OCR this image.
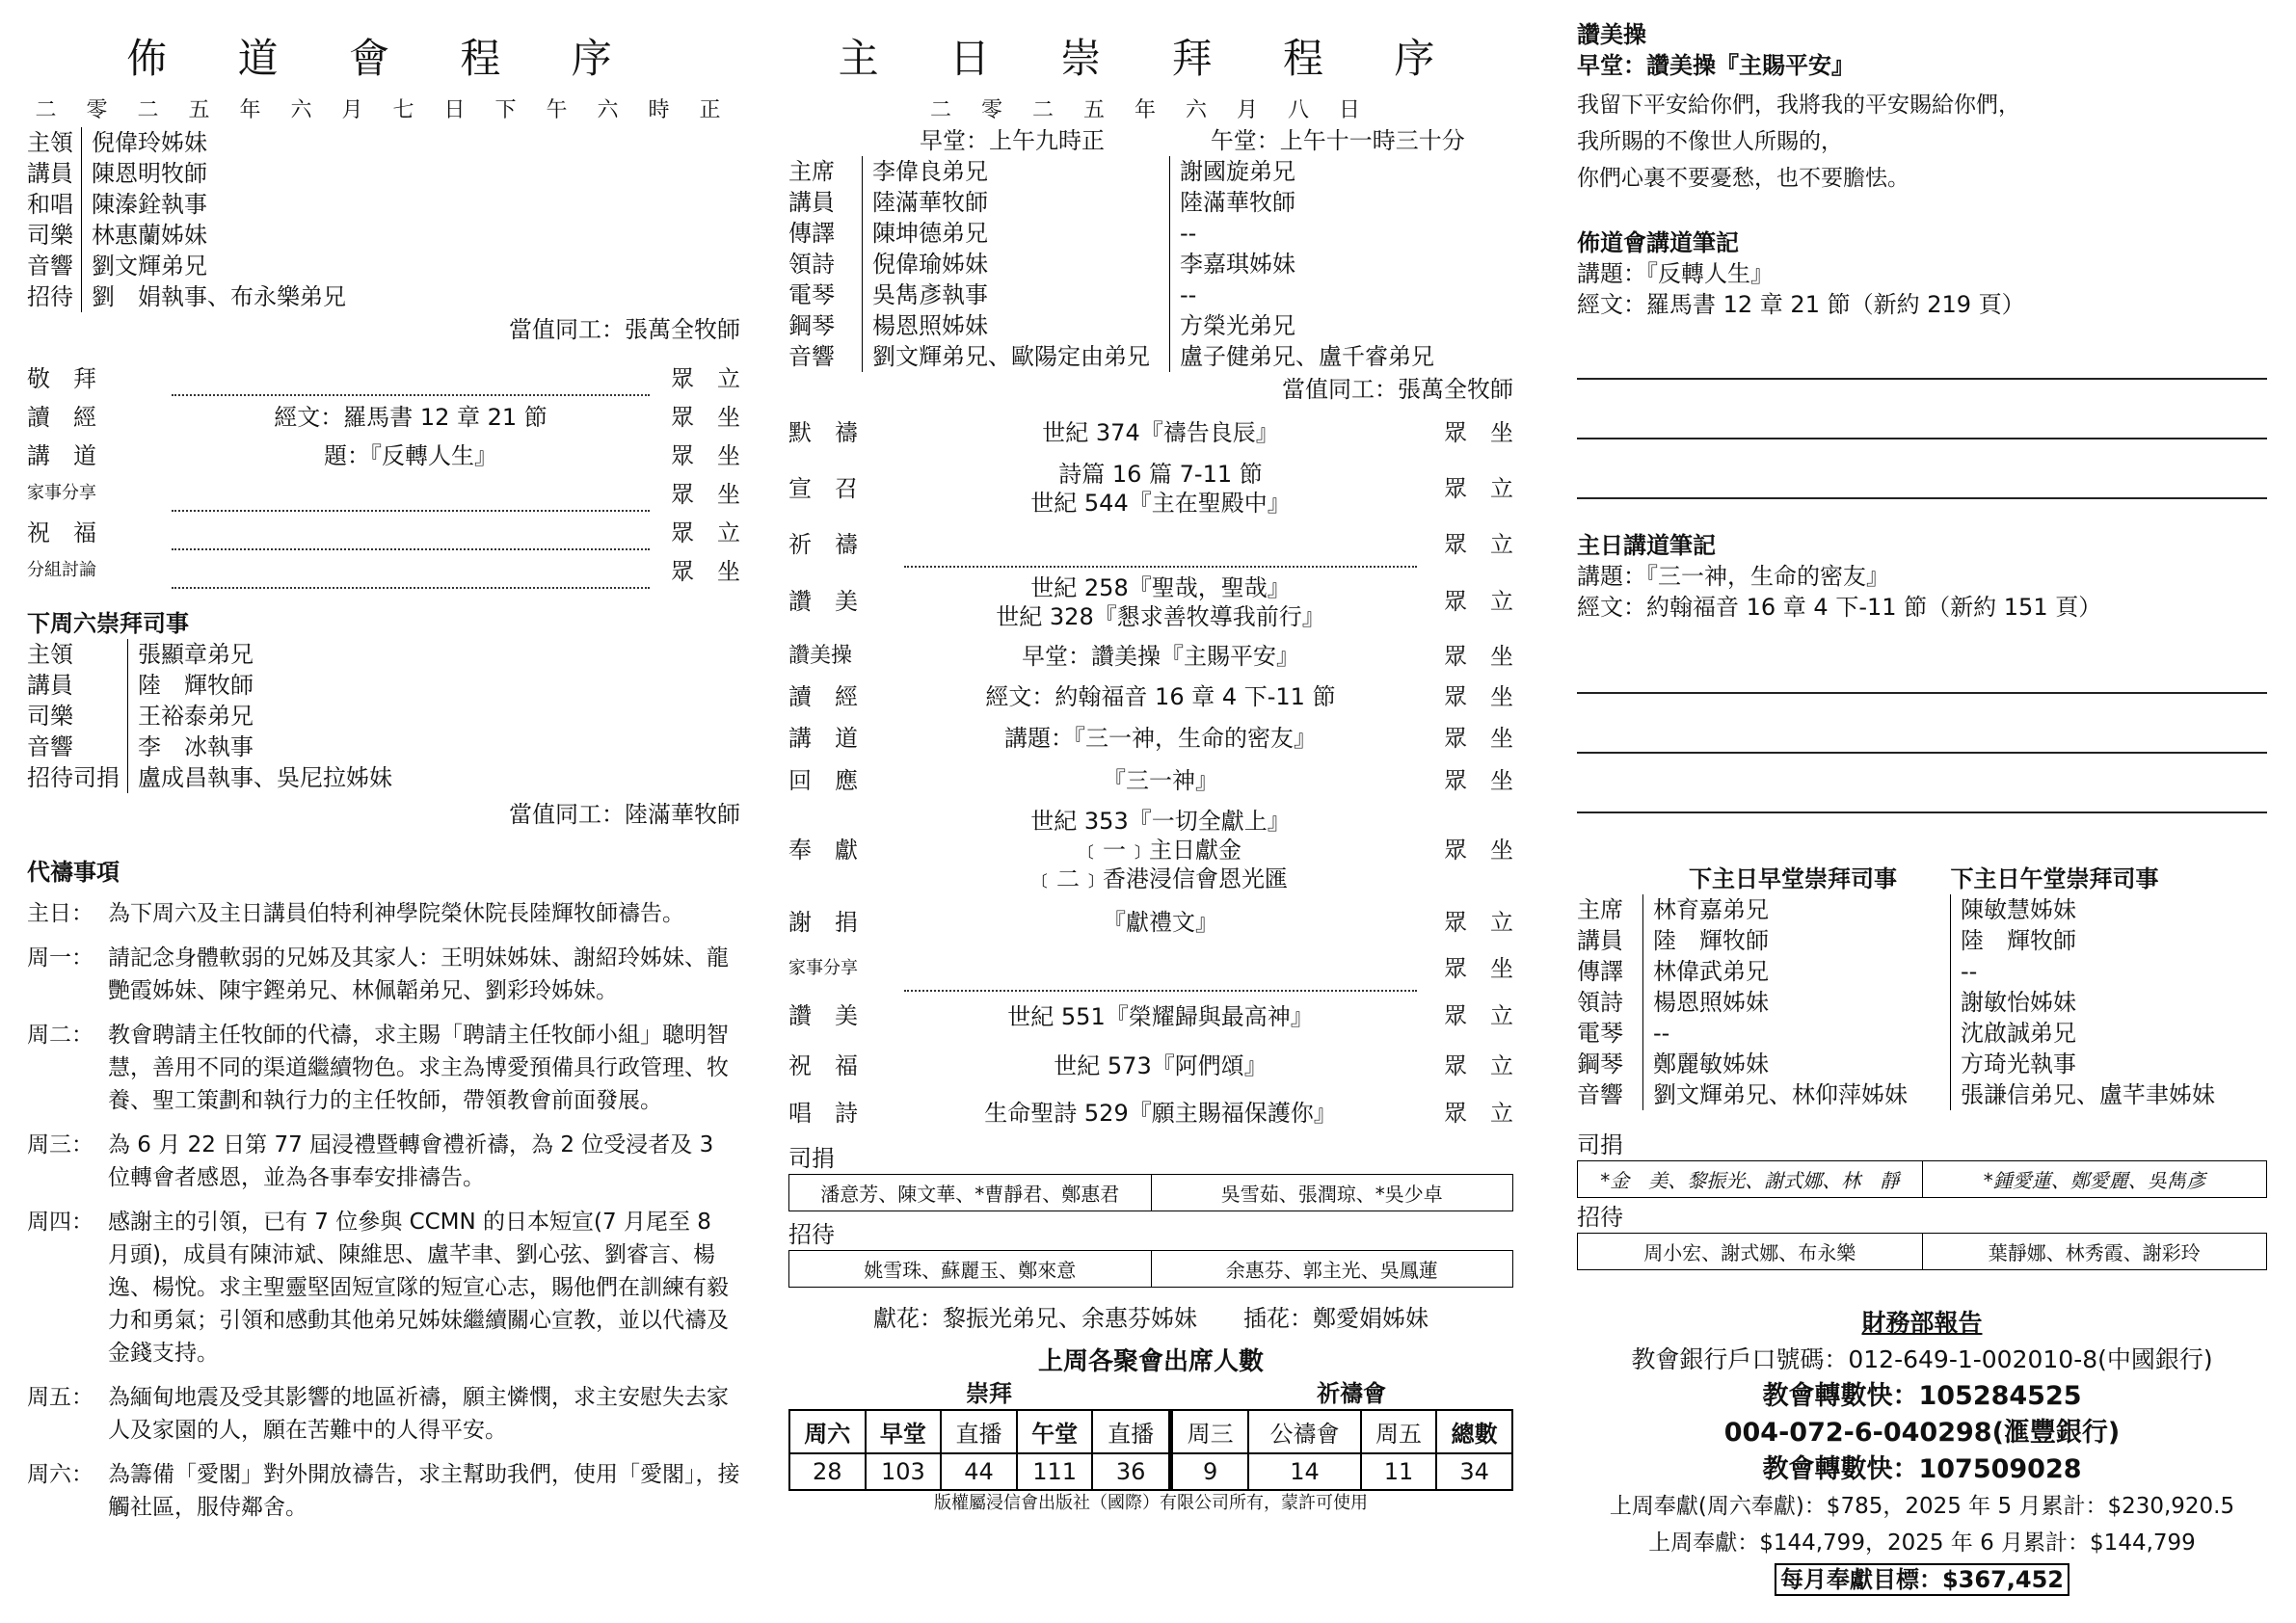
佈 道 會 程 序
二 零 二 五 年 六 月 七 日 下 午 六 時 正
主領	倪偉玲姊妹
講員	陳恩明牧師
和唱	陳溱銓執事
司樂	林惠蘭姊妹
音響	劉文輝弟兄
招待	劉　娟執事、布永樂弟兄
當值同工：張萬全牧師
敬　拜		眾　立
讀　經	經文：羅馬書 12 章 21 節	眾　坐
講　道	題：『反轉人生』	眾　坐
家事分享		眾　坐
祝　福		眾　立
分組討論		眾　坐
下周六崇拜司事
主領	張顯章弟兄
講員	陸　輝牧師
司樂	王裕泰弟兄
音響	李　冰執事
招待司捐	盧成昌執事、吳尼拉姊妹
當值同工：陸滿華牧師
代禱事項
主日： 為下周六及主日講員伯特利神學院榮休院長陸輝牧師禱告。
周一： 請記念身體軟弱的兄姊及其家人：王明妹姊妹、謝紹玲姊妹、龍艷霞姊妹、陳宇鏗弟兄、林佩韜弟兄、劉彩玲姊妹。
周二： 教會聘請主任牧師的代禱，求主賜「聘請主任牧師小組」聰明智慧，善用不同的渠道繼續物色。求主為博愛預備具行政管理、牧養、聖工策劃和執行力的主任牧師，帶領教會前面發展。
周三： 為 6 月 22 日第 77 屆浸禮暨轉會禮祈禱，為 2 位受浸者及 3 位轉會者感恩，並為各事奉安排禱告。
周四： 感謝主的引領，已有 7 位參與 CCMN 的日本短宣(7 月尾至 8 月頭)，成員有陳沛斌、陳維思、盧芊聿、劉心弦、劉睿言、楊逸、楊悅。求主聖靈堅固短宣隊的短宣心志，賜他們在訓練有毅力和勇氣；引領和感動其他弟兄姊妹繼續關心宣教，並以代禱及金錢支持。
周五： 為緬甸地震及受其影響的地區祈禱，願主憐憫，求主安慰失去家人及家園的人，願在苦難中的人得平安。
周六： 為籌備「愛閣」對外開放禱告，求主幫助我們，使用「愛閣」，接觸社區，服侍鄰舍。
主 日 崇 拜 程 序
二 零 二 五 年 六 月 八 日
	早堂：上午九時正	午堂：上午十一時三十分
主席	李偉良弟兄	謝國旋弟兄
講員	陸滿華牧師	陸滿華牧師
傳譯	陳坤德弟兄	--
領詩	倪偉瑜姊妹	李嘉琪姊妹
電琴	吳雋彥執事	--
鋼琴	楊恩照姊妹	方榮光弟兄
音響	劉文輝弟兄、歐陽定由弟兄	盧子健弟兄、盧千睿弟兄
當值同工：張萬全牧師
默　禱	世紀 374『禱告良辰』	眾　坐
宣　召	詩篇 16 篇 7-11 節
世紀 544『主在聖殿中』	眾　立
祈　禱		眾　立
讚　美	世紀 258『聖哉，聖哉』
世紀 328『懇求善牧導我前行』	眾　立
讚美操	早堂：讚美操『主賜平安』	眾　坐
讀　經	經文：約翰福音 16 章 4 下-11 節	眾　坐
講　道	講題：『三一神，生命的密友』	眾　坐
回　應	『三一神』	眾　坐
奉　獻	世紀 353『一切全獻上』
﹝一﹞主日獻金
﹝二﹞香港浸信會恩光匯	眾　坐
謝　捐	『獻禮文』	眾　立
家事分享		眾　坐
讚　美	世紀 551『榮耀歸與最高神』	眾　立
祝　福	世紀 573『阿們頌』	眾　立
唱　詩	生命聖詩 529『願主賜福保護你』	眾　立
司捐
潘意芳、陳文華、*曹靜君、鄭惠君	吳雪茹、張潤琼、*吳少卓
招待
姚雪珠、蘇麗玉、鄭來意	余惠芬、郭主光、吳鳳蓮
獻花：黎振光弟兄、余惠芬姊妹　　插花：鄭愛娟姊妹
上周各聚會出席人數
崇拜	祈禱會
周六	早堂	直播	午堂	直播	周三	公禱會	周五	總數
28	103	44	111	36	9	14	11	34
版權屬浸信會出版社（國際）有限公司所有，蒙許可使用
讚美操
早堂：讚美操『主賜平安』
我留下平安給你們，我將我的平安賜給你們，
我所賜的不像世人所賜的，
你們心裏不要憂愁，也不要膽怯。
佈道會講道筆記
講題：『反轉人生』
經文：羅馬書 12 章 21 節（新約 219 頁）
主日講道筆記
講題：『三一神，生命的密友』
經文：約翰福音 16 章 4 下-11 節（新約 151 頁）
	下主日早堂崇拜司事	下主日午堂崇拜司事
主席	林育嘉弟兄	陳敏慧姊妹
講員	陸　輝牧師	陸　輝牧師
傳譯	林偉武弟兄	--
領詩	楊恩照姊妹	謝敏怡姊妹
電琴	--	沈啟誠弟兄
鋼琴	鄭麗敏姊妹	方琦光執事
音響	劉文輝弟兄、林仰萍姊妹	張謙信弟兄、盧芊聿姊妹
司捐
*金　美、黎振光、謝式娜、林　靜	*鍾愛蓮、鄭愛麗、吳雋彥
招待
周小宏、謝式娜、布永樂	葉靜娜、林秀霞、謝彩玲
財務部報告
教會銀行戶口號碼：012-649-1-002010-8(中國銀行)
教會轉數快：105284525
004-072-6-040298(滙豐銀行)
教會轉數快：107509028
上周奉獻(周六奉獻)：$785，2025 年 5 月累計：$230,920.5
上周奉獻：$144,799，2025 年 6 月累計：$144,799
每月奉獻目標：$367,452
